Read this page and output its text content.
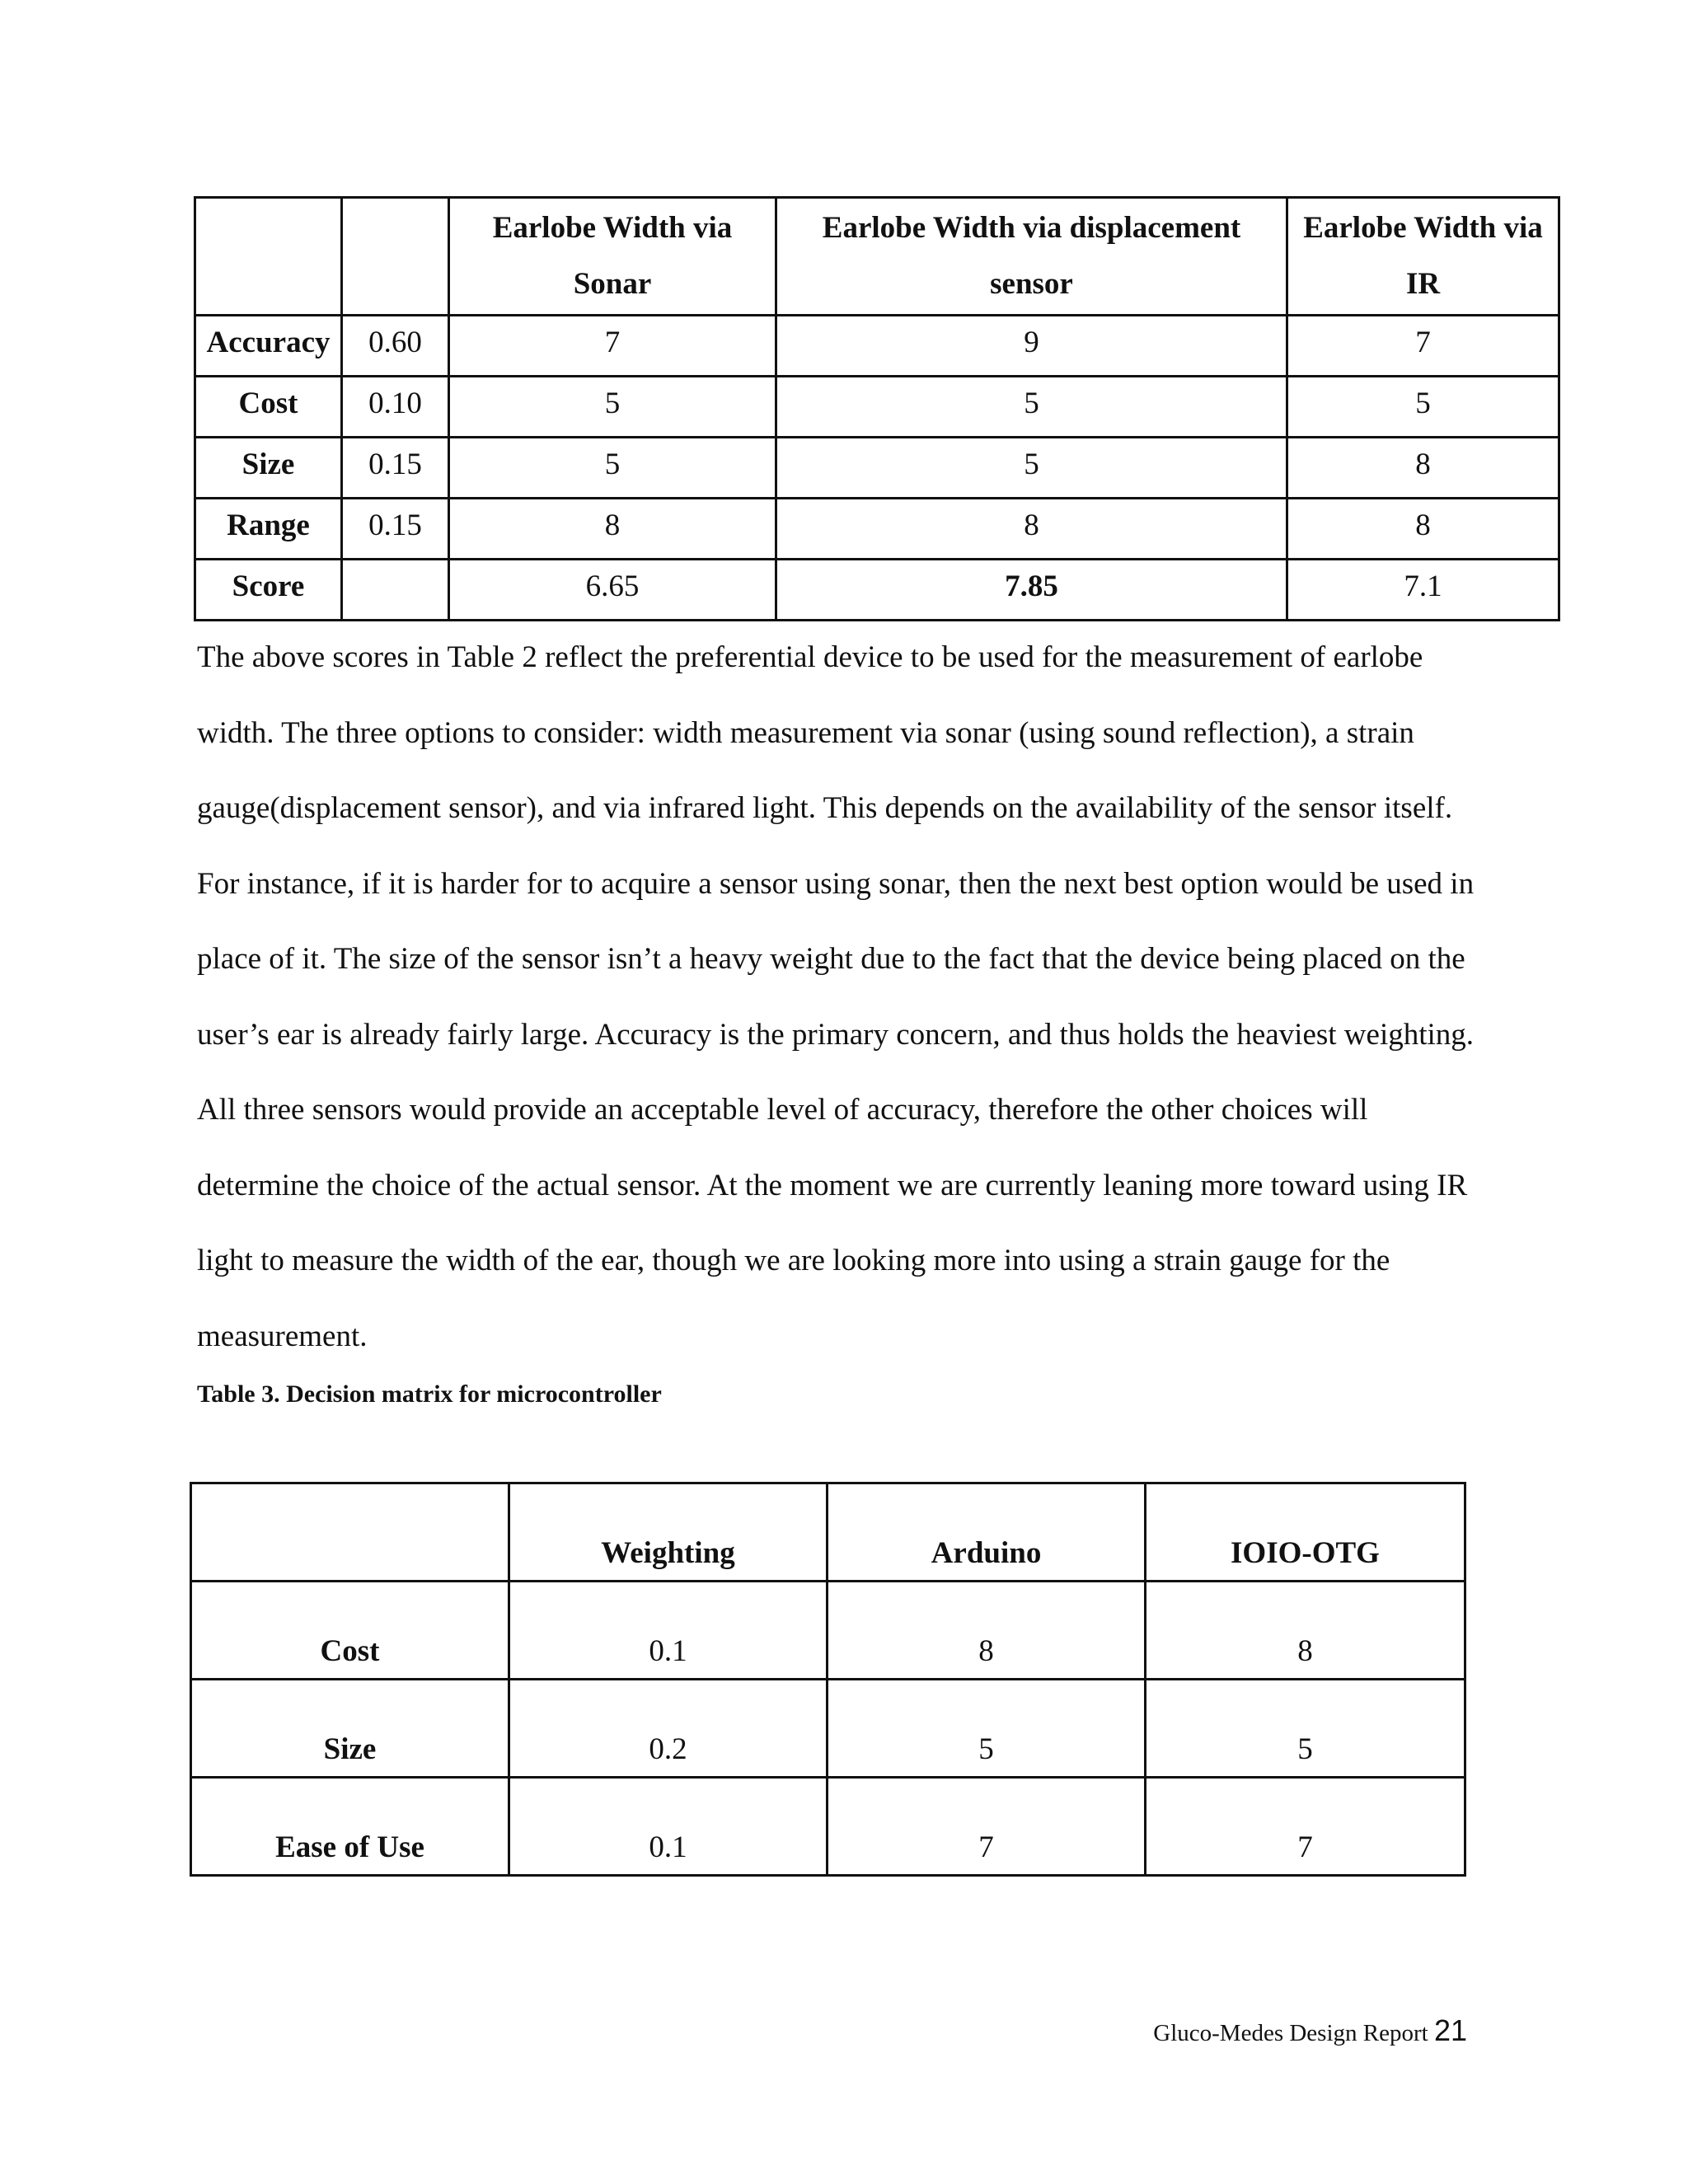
		Earlobe Width via Sonar	Earlobe Width via displacement sensor	Earlobe Width via IR
Accuracy	0.60	7	9	7
Cost	0.10	5	5	5
Size	0.15	5	5	8
Range	0.15	8	8	8
Score		6.65	7.85	7.1

The above scores in Table 2 reflect the preferential device to be used for the measurement of earlobe width. The three options to consider: width measurement via sonar (using sound reflection), a strain gauge(displacement sensor), and via infrared light. This depends on the availability of the sensor itself. For instance, if it is harder for to acquire a sensor using sonar, then the next best option would be used in place of it. The size of the sensor isn’t a heavy weight due to the fact that the device being placed on the user’s ear is already fairly large. Accuracy is the primary concern, and thus holds the heaviest weighting. All three sensors would provide an acceptable level of accuracy, therefore the other choices will determine the choice of the actual sensor. At the moment we are currently leaning more toward using IR light to measure the width of the ear, though we are looking more into using a strain gauge for the measurement.

Table 3. Decision matrix for microcontroller

	Weighting	Arduino	IOIO-OTG
Cost	0.1	8	8
Size	0.2	5	5
Ease of Use	0.1	7	7
Gluco-Medes Design Report 21
